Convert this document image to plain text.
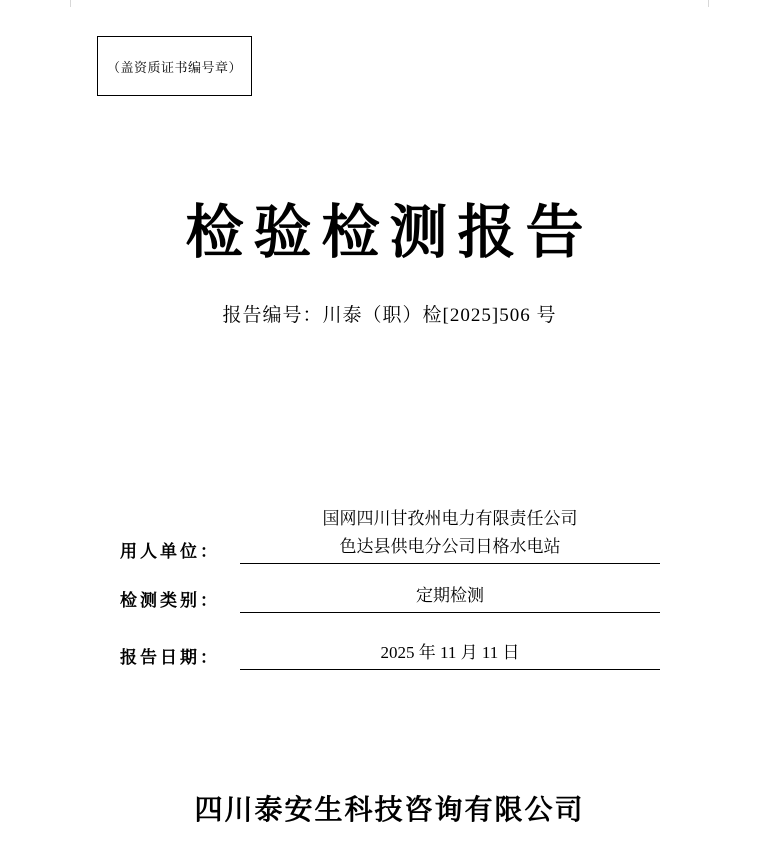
（盖资质证书编号章）
检验检测报告
报告编号：川泰（职）检[2025]506 号
用人单位：
国网四川甘孜州电力有限责任公司
色达县供电分公司日格水电站
检测类别：	定期检测
报告日期：	2025 年 11 月 11 日
四川泰安生科技咨询有限公司
